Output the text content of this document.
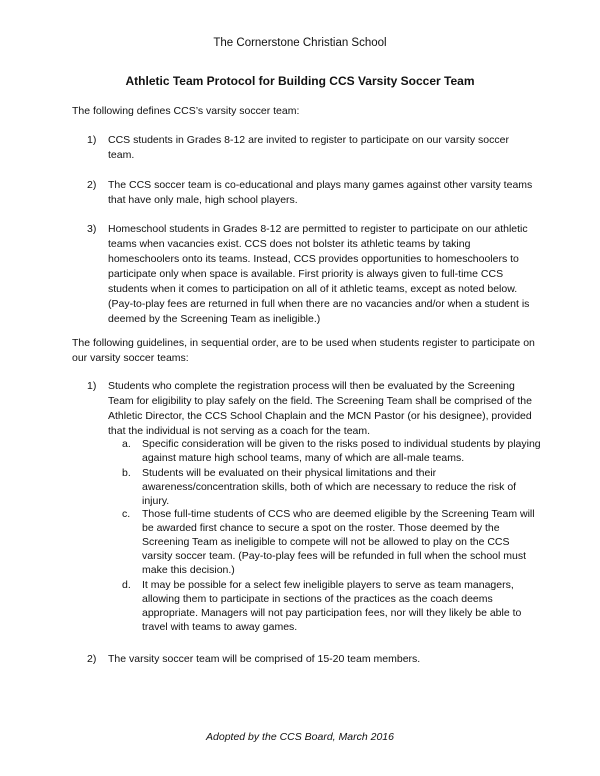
The Cornerstone Christian School
Athletic Team Protocol for Building CCS Varsity Soccer Team
The following defines CCS’s varsity soccer team:
1) CCS students in Grades 8-12 are invited to register to participate on our varsity soccer team.
2) The CCS soccer team is co-educational and plays many games against other varsity teams that have only male, high school players.
3) Homeschool students in Grades 8-12 are permitted to register to participate on our athletic teams when vacancies exist. CCS does not bolster its athletic teams by taking homeschoolers onto its teams. Instead, CCS provides opportunities to homeschoolers to participate only when space is available. First priority is always given to full-time CCS students when it comes to participation on all of it athletic teams, except as noted below. (Pay-to-play fees are returned in full when there are no vacancies and/or when a student is deemed by the Screening Team as ineligible.)
The following guidelines, in sequential order, are to be used when students register to participate on our varsity soccer teams:
1) Students who complete the registration process will then be evaluated by the Screening Team for eligibility to play safely on the field. The Screening Team shall be comprised of the Athletic Director, the CCS School Chaplain and the MCN Pastor (or his designee), provided that the individual is not serving as a coach for the team.
a. Specific consideration will be given to the risks posed to individual students by playing against mature high school teams, many of which are all-male teams.
b. Students will be evaluated on their physical limitations and their awareness/concentration skills, both of which are necessary to reduce the risk of injury.
c. Those full-time students of CCS who are deemed eligible by the Screening Team will be awarded first chance to secure a spot on the roster. Those deemed by the Screening Team as ineligible to compete will not be allowed to play on the CCS varsity soccer team. (Pay-to-play fees will be refunded in full when the school must make this decision.)
d. It may be possible for a select few ineligible players to serve as team managers, allowing them to participate in sections of the practices as the coach deems appropriate. Managers will not pay participation fees, nor will they likely be able to travel with teams to away games.
2) The varsity soccer team will be comprised of 15-20 team members.
Adopted by the CCS Board, March 2016
